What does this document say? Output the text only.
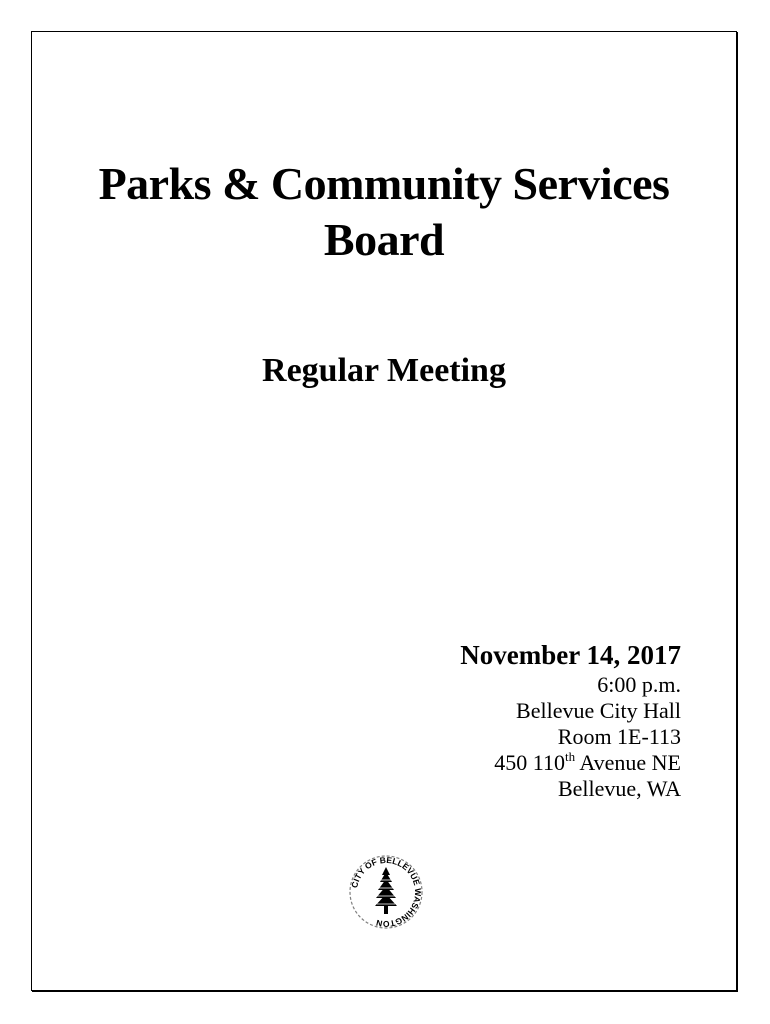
Parks & Community Services
Board
Regular Meeting
November 14, 2017
6:00 p.m.
Bellevue City Hall
Room 1E-113
450 110th Avenue NE
Bellevue, WA
CITY OF BELLEVUE WASHINGTON
